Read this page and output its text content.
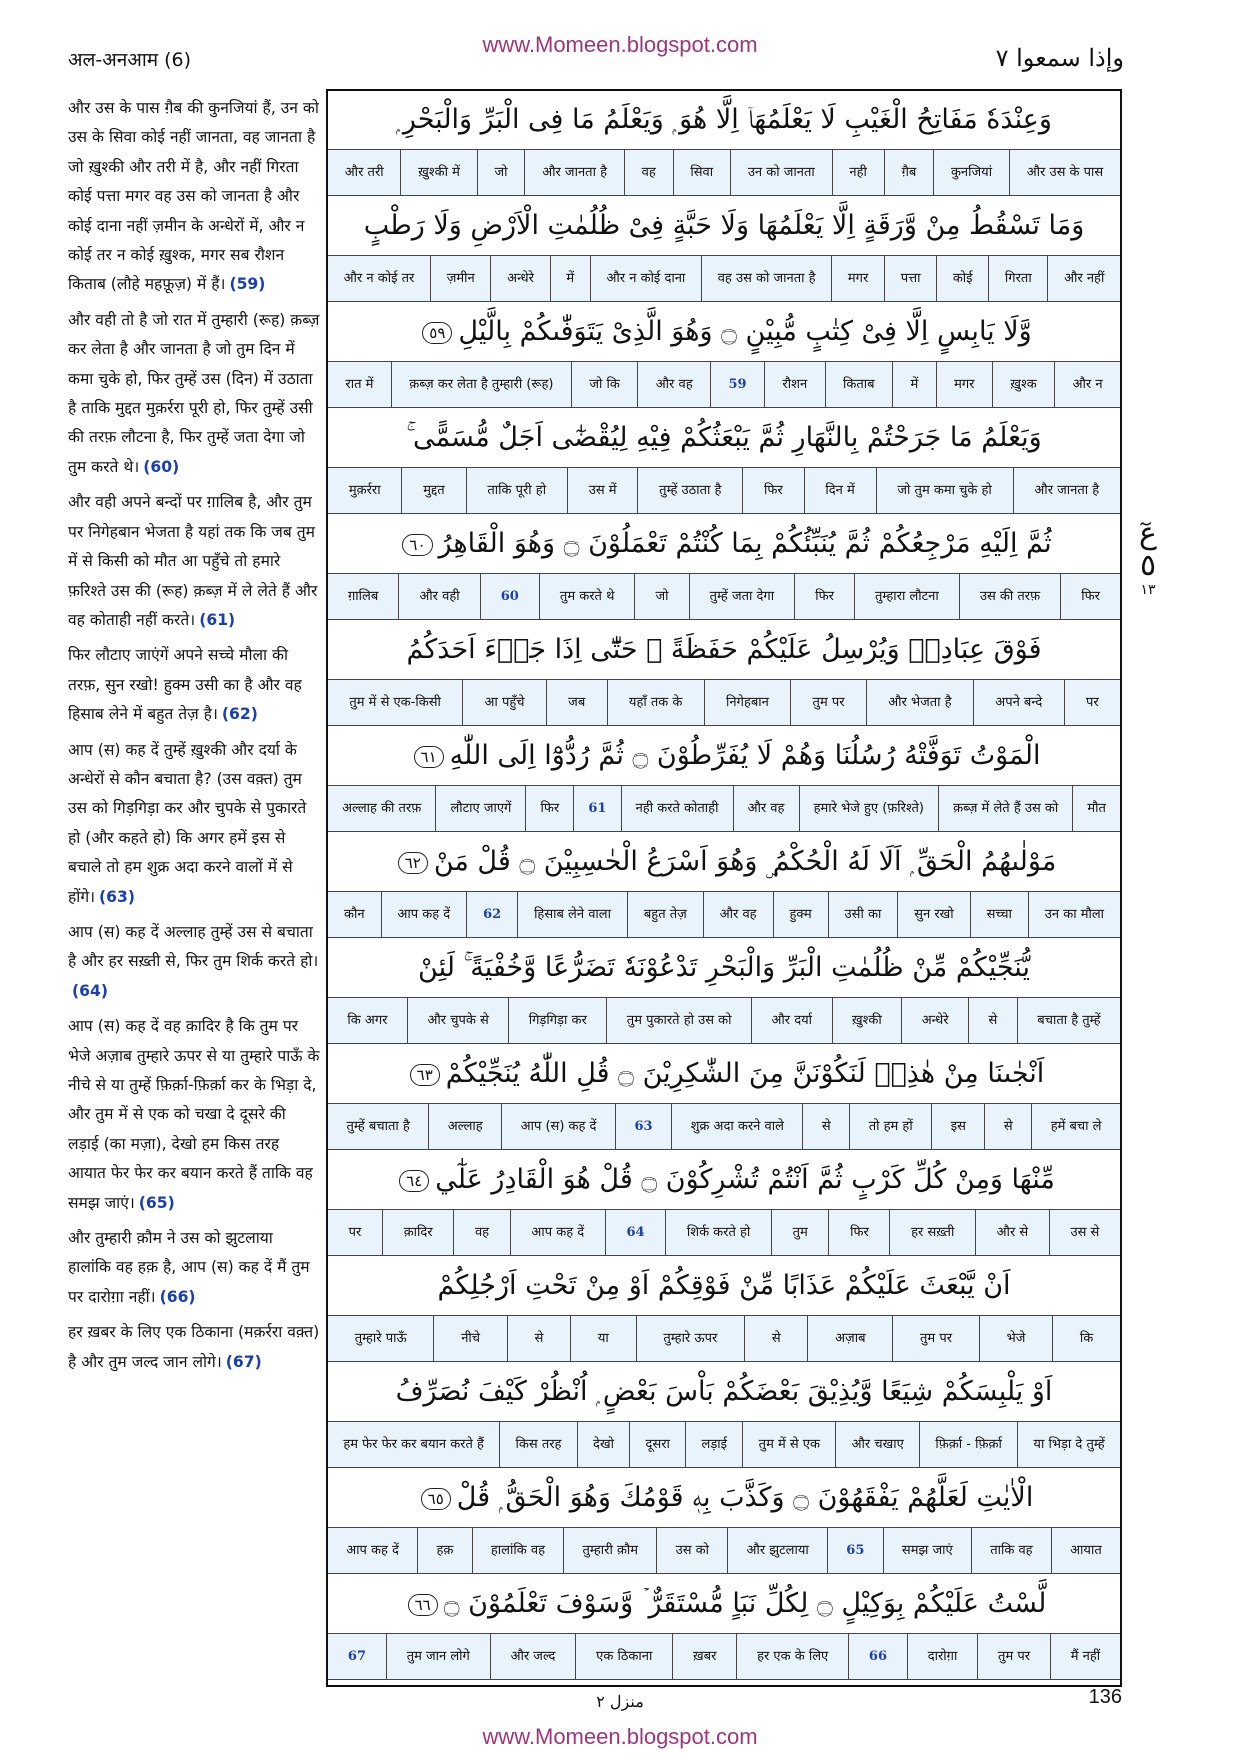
www.Momeen.blogspot.com
अल-अनआम (6)	وإذا سمعوا ٧
और उस के पास ग़ैब की कुनजियां हैं, उन को उस के सिवा कोई नहीं जानता, वह जानता है जो ख़ुश्की और तरी में है, और नहीं गिरता कोई पत्ता मगर वह उस को जानता है और कोई दाना नहीं ज़मीन के अन्धेरों में, और न कोई तर न कोई ख़ुश्क, मगर सब रौशन किताब (लौहे महफ़ूज़) में हैं। (59)
और वही तो है जो रात में तुम्हारी (रूह) क़ब्ज़ कर लेता है और जानता है जो तुम दिन में कमा चुके हो, फिर तुम्हें उस (दिन) में उठाता है ताकि मुद्दत मुक़र्ररा पूरी हो, फिर तुम्हें उसी की तरफ़ लौटना है, फिर तुम्हें जता देगा जो तुम करते थे। (60)
और वही अपने बन्दों पर ग़ालिब है, और तुम पर निगेहबान भेजता है यहां तक कि जब तुम में से किसी को मौत आ पहुँचे तो हमारे फ़रिश्ते उस की (रूह) क़ब्ज़ में ले लेते हैं और वह कोताही नहीं करते। (61)
फिर लौटाए जाएंगें अपने सच्चे मौला की तरफ़, सुन रखो! हुक्म उसी का है और वह हिसाब लेने में बहुत तेज़ है। (62)
आप (स) कह दें तुम्हें ख़ुश्की और दर्या के अन्धेरों से कौन बचाता है? (उस वक़्त) तुम उस को गिड़गिड़ा कर और चुपके से पुकारते हो (और कहते हो) कि अगर हमें इस से बचाले तो हम शुक्र अदा करने वालों में से होंगे। (63)
आप (स) कह दें अल्लाह तुम्हें उस से बचाता है और हर सख़्ती से, फिर तुम शिर्क करते हो।(64)
आप (स) कह दें वह क़ादिर है कि तुम पर भेजे अज़ाब तुम्हारे ऊपर से या तुम्हारे पाऊँ के नीचे से या तुम्हें फ़िर्क़ा-फ़िर्क़ा कर के भिड़ा दे, और तुम में से एक को चखा दे दूसरे की लड़ाई (का मज़ा), देखो हम किस तरह आयात फेर फेर कर बयान करते हैं ताकि वह समझ जाएं। (65)
और तुम्हारी क़ौम ने उस को झुटलाया हालांकि वह हक़ है, आप (स) कह दें मैं तुम पर दारोग़ा नहीं। (66)
हर ख़बर के लिए एक ठिकाना (मक़र्ररा वक़्त) है और तुम जल्द जान लोगे। (67)
وَعِنْدَهٗ مَفَاتِحُ الْغَيْبِ لَا يَعْلَمُهَاۤ اِلَّا هُوَ ۭ وَيَعْلَمُ مَا فِى الْبَرِّ وَالْبَحْرِ ۭ
और उस के पास
कुनजियां
ग़ैब
नही
उन को जानता
सिवा
वह
और जानता है
जो
ख़ुश्की में
और तरी
وَمَا تَسْقُطُ مِنْ وَّرَقَةٍ اِلَّا يَعْلَمُهَا وَلَا حَبَّةٍ فِىْ ظُلُمٰتِ الْاَرْضِ وَلَا رَطْبٍ
और नहीं
गिरता
कोई
पत्ता
मगर
वह उस को जानता है
और न कोई दाना
में
अन्धेरे
ज़मीन
और न कोई तर
وَّلَا يَابِسٍ اِلَّا فِىْ كِتٰبٍ مُّبِيْنٍ ۝ وَهُوَ الَّذِىْ يَتَوَفّٰىكُمْ بِالَّيْلِ٥٩
और न
ख़ुश्क
मगर
में
किताब
रौशन
59
और वह
जो कि
क़ब्ज़ कर लेता है तुम्हारी (रूह)
रात में
وَيَعْلَمُ مَا جَرَحْتُمْ بِالنَّهَارِ ثُمَّ يَبْعَثُكُمْ فِيْهِ لِيُقْضٰٓى اَجَلٌ مُّسَمًّى ۚ
और जानता है
जो तुम कमा चुके हो
दिन में
फिर
तुम्हें उठाता है
उस में
ताकि पूरी हो
मुद्दत
मुक़र्ररा
ثُمَّ اِلَيْهِ مَرْجِعُكُمْ ثُمَّ يُنَبِّئُكُمْ بِمَا كُنْتُمْ تَعْمَلُوْنَ ۝ وَهُوَ الْقَاهِرُ٦٠
फिर
उस की तरफ़
तुम्हारा लौटना
फिर
तुम्हें जता देगा
जो
तुम करते थे
60
और वही
ग़ालिब
فَوْقَ عِبَادِهٖ وَيُرْسِلُ عَلَيْكُمْ حَفَظَةً ۭ حَتّٰٓى اِذَا جَاۗءَ اَحَدَكُمُ
पर
अपने बन्दे
और भेजता है
तुम पर
निगेहबान
यहाँ तक के
जब
आ पहुँचे
तुम में से एक-किसी
الْمَوْتُ تَوَفَّتْهُ رُسُلُنَا وَهُمْ لَا يُفَرِّطُوْنَ ۝ ثُمَّ رُدُّوْٓا اِلَى اللّٰهِ٦١
मौत
क़ब्ज़ में लेते हैं उस को
हमारे भेजे हुए (फ़रिश्ते)
और वह
नही करते कोताही
61
फिर
लौटाए जाएगें
अल्लाह की तरफ़
مَوْلٰىهُمُ الْحَقِّ ۭ اَلَا لَهُ الْحُكْمُ ۣ وَهُوَ اَسْرَعُ الْحٰسِبِيْنَ ۝ قُلْ مَنْ٦٢
उन का मौला
सच्चा
सुन रखो
उसी का
हुक्म
और वह
बहुत तेज़
हिसाब लेने वाला
62
आप कह दें
कौन
يُّنَجِّيْكُمْ مِّنْ ظُلُمٰتِ الْبَرِّ وَالْبَحْرِ تَدْعُوْنَهٗ تَضَرُّعًا وَّخُفْيَةً ۚ لَئِنْ
बचाता है तुम्हें
से
अन्धेरे
ख़ुश्की
और दर्या
तुम पुकारते हो उस को
गिड़गिड़ा कर
और चुपके से
कि अगर
اَنْجٰىنَا مِنْ هٰذِهٖ لَنَكُوْنَنَّ مِنَ الشّٰكِرِيْنَ ۝ قُلِ اللّٰهُ يُنَجِّيْكُمْ٦٣
हमें बचा ले
से
इस
तो हम हों
से
शुक्र अदा करने वाले
63
आप (स) कह दें
अल्लाह
तुम्हें बचाता है
مِّنْهَا وَمِنْ كُلِّ كَرْبٍ ثُمَّ اَنْتُمْ تُشْرِكُوْنَ ۝ قُلْ هُوَ الْقَادِرُ عَلٰٓي٦٤
उस से
और से
हर सख़्ती
फिर
तुम
शिर्क करते हो
64
आप कह दें
वह
क़ादिर
पर
اَنْ يَّبْعَثَ عَلَيْكُمْ عَذَابًا مِّنْ فَوْقِكُمْ اَوْ مِنْ تَحْتِ اَرْجُلِكُمْ
कि
भेजे
तुम पर
अज़ाब
से
तुम्हारे ऊपर
या
से
नीचे
तुम्हारे पाऊँ
اَوْ يَلْبِسَكُمْ شِيَعًا وَّيُذِيْقَ بَعْضَكُمْ بَاْسَ بَعْضٍ ۭ اُنْظُرْ كَيْفَ نُصَرِّفُ
या भिड़ा दे तुम्हें
फ़िर्क़ा - फ़िर्क़ा
और चखाए
तुम में से एक
लड़ाई
दूसरा
देखो
किस तरह
हम फेर फेर कर बयान करते हैं
الْاٰيٰتِ لَعَلَّهُمْ يَفْقَهُوْنَ ۝ وَكَذَّبَ بِهٖ قَوْمُكَ وَهُوَ الْحَقُّ ۭ قُلْ٦٥
आयात
ताकि वह
समझ जाएं
65
और झुटलाया
उस को
तुम्हारी क़ौम
हालांकि वह
हक़
आप कह दें
لَّسْتُ عَلَيْكُمْ بِوَكِيْلٍ ۝ لِكُلِّ نَبَاٍ مُّسْتَقَرٌّ ۡ وَّسَوْفَ تَعْلَمُوْنَ ۝٦٦
मैं नहीं
तुम पर
दारोग़ा
66
हर एक के लिए
ख़बर
एक ठिकाना
और जल्द
तुम जान लोगे
67
عٓ ٥
١٣
منزل ٢	136
www.Momeen.blogspot.com
